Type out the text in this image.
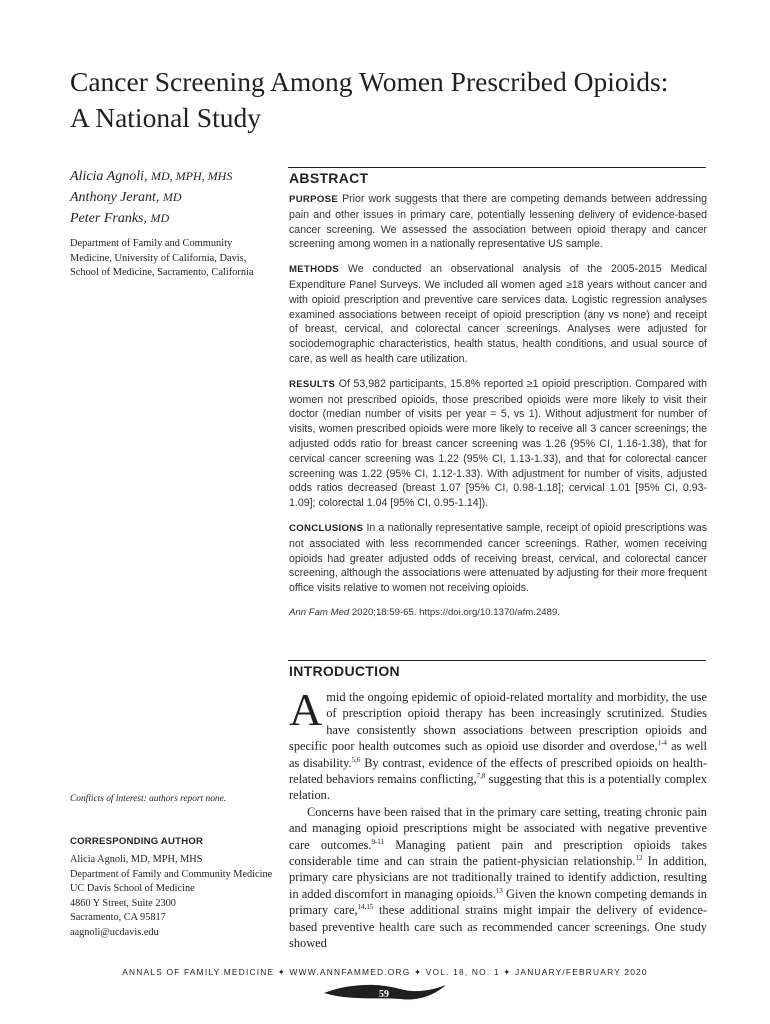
Cancer Screening Among Women Prescribed Opioids:
A National Study

Alicia Agnoli, MD, MPH, MHS

Anthony Jerant, MD

Peter Franks, MD

Department of Family and Community Medicine, University of California, Davis, School of Medicine, Sacramento, California
Conflicts of interest: authors report none.
CORRESPONDING AUTHOR
Alicia Agnoli, MD, MPH, MHS
Department of Family and Community Medicine
UC Davis School of Medicine
4860 Y Street, Suite 2300
Sacramento, CA 95817
aagnoli@ucdavis.edu
ABSTRACT

PURPOSE Prior work suggests that there are competing demands between addressing pain and other issues in primary care, potentially lessening delivery of evidence-based cancer screening. We assessed the association between opioid therapy and cancer screening among women in a nationally representative US sample.

METHODS We conducted an observational analysis of the 2005-2015 Medical Expenditure Panel Surveys. We included all women aged ≥18 years without cancer and with opioid prescription and preventive care services data. Logistic regression analyses examined associations between receipt of opioid prescription (any vs none) and receipt of breast, cervical, and colorectal cancer screenings. Analyses were adjusted for sociodemographic characteristics, health status, health conditions, and usual source of care, as well as health care utilization.

RESULTS Of 53,982 participants, 15.8% reported ≥1 opioid prescription. Compared with women not prescribed opioids, those prescribed opioids were more likely to visit their doctor (median number of visits per year = 5, vs 1). Without adjustment for number of visits, women prescribed opioids were more likely to receive all 3 cancer screenings; the adjusted odds ratio for breast cancer screening was 1.26 (95% CI, 1.16-1.38), that for cervical cancer screening was 1.22 (95% CI, 1.13-1.33), and that for colorectal cancer screening was 1.22 (95% CI, 1.12-1.33). With adjustment for number of visits, adjusted odds ratios decreased (breast 1.07 [95% CI, 0.98-1.18]; cervical 1.01 [95% CI, 0.93-1.09]; colorectal 1.04 [95% CI, 0.95-1.14]).

CONCLUSIONS In a nationally representative sample, receipt of opioid prescriptions was not associated with less recommended cancer screenings. Rather, women receiving opioids had greater adjusted odds of receiving breast, cervical, and colorectal cancer screening, although the associations were attenuated by adjusting for their more frequent office visits relative to women not receiving opioids.

Ann Fam Med 2020;18:59-65. https://doi.org/10.1370/afm.2489.

INTRODUCTION

Amid the ongoing epidemic of opioid-related mortality and morbidity, the use of prescription opioid therapy has been increasingly scrutinized. Studies have consistently shown associations between prescription opioids and specific poor health outcomes such as opioid use disorder and overdose,$^{1-4}$ as well as disability.$^{5,6}$ By contrast, evidence of the effects of prescribed opioids on health-related behaviors remains conflicting,$^{7,8}$ suggesting that this is a potentially complex relation.

Concerns have been raised that in the primary care setting, treating chronic pain and managing opioid prescriptions might be associated with negative preventive care outcomes.$^{9-11}$ Managing patient pain and prescription opioids takes considerable time and can strain the patient-physician relationship.$^{12}$ In addition, primary care physicians are not traditionally trained to identify addiction, resulting in added discomfort in managing opioids.$^{13}$ Given the known competing demands in primary care,$^{14,15}$ these additional strains might impair the delivery of evidence-based preventive health care such as recommended cancer screenings. One study showed

ANNALS OF FAMILY MEDICINE ✦ WWW.ANNFAMMED.ORG ✦ VOL. 18, NO. 1 ✦ JANUARY/FEBRUARY 2020
59
